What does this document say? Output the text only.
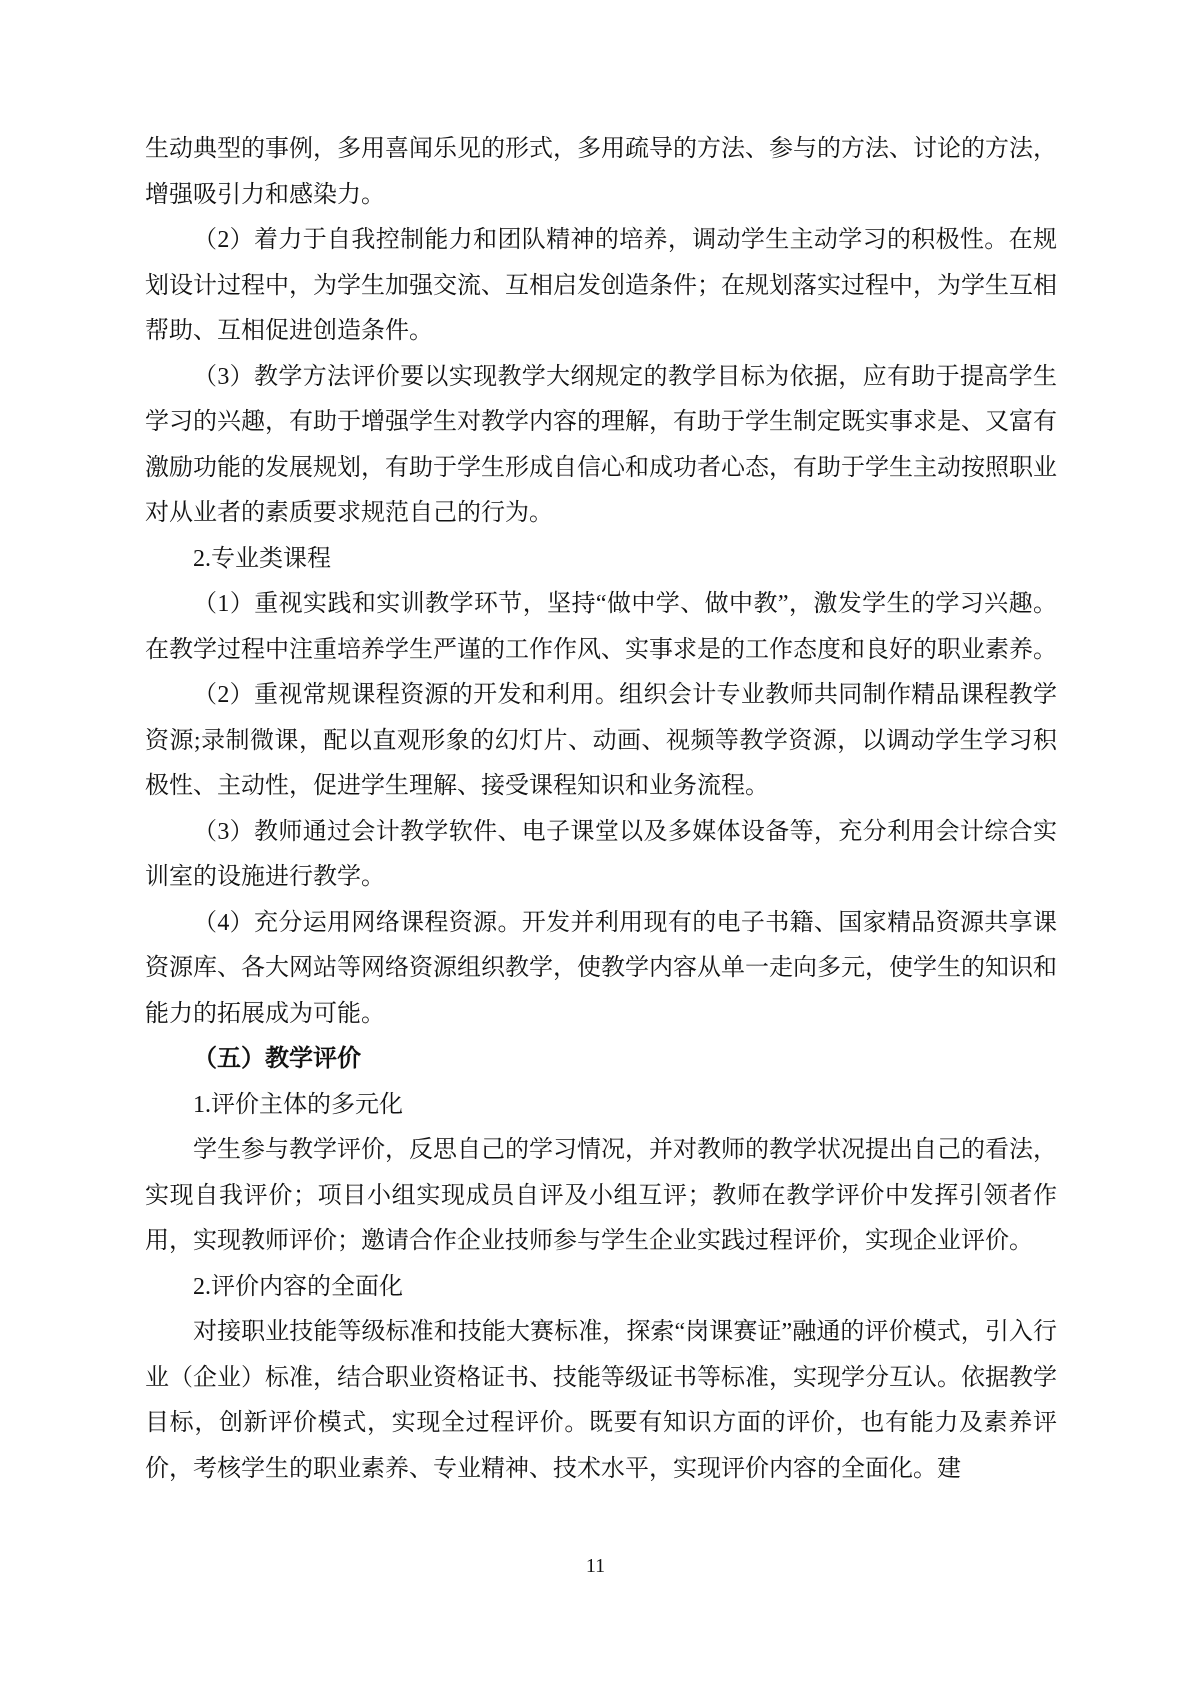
生动典型的事例，多用喜闻乐见的形式，多用疏导的方法、参与的方法、讨论的方法，增强吸引力和感染力。

（2）着力于自我控制能力和团队精神的培养，调动学生主动学习的积极性。在规划设计过程中，为学生加强交流、互相启发创造条件；在规划落实过程中，为学生互相帮助、互相促进创造条件。

（3）教学方法评价要以实现教学大纲规定的教学目标为依据，应有助于提高学生学习的兴趣，有助于增强学生对教学内容的理解，有助于学生制定既实事求是、又富有激励功能的发展规划，有助于学生形成自信心和成功者心态，有助于学生主动按照职业对从业者的素质要求规范自己的行为。

2.专业类课程

（1）重视实践和实训教学环节，坚持“做中学、做中教”，激发学生的学习兴趣。在教学过程中注重培养学生严谨的工作作风、实事求是的工作态度和良好的职业素养。

（2）重视常规课程资源的开发和利用。组织会计专业教师共同制作精品课程教学资源;录制微课，配以直观形象的幻灯片、动画、视频等教学资源，以调动学生学习积极性、主动性，促进学生理解、接受课程知识和业务流程。

（3）教师通过会计教学软件、电子课堂以及多媒体设备等，充分利用会计综合实训室的设施进行教学。

（4）充分运用网络课程资源。开发并利用现有的电子书籍、国家精品资源共享课资源库、各大网站等网络资源组织教学，使教学内容从单一走向多元，使学生的知识和能力的拓展成为可能。

（五）教学评价

1.评价主体的多元化

学生参与教学评价，反思自己的学习情况，并对教师的教学状况提出自己的看法，实现自我评价；项目小组实现成员自评及小组互评；教师在教学评价中发挥引领者作用，实现教师评价；邀请合作企业技师参与学生企业实践过程评价，实现企业评价。

2.评价内容的全面化

对接职业技能等级标准和技能大赛标准，探索“岗课赛证”融通的评价模式，引入行业（企业）标准，结合职业资格证书、技能等级证书等标准，实现学分互认。依据教学目标，创新评价模式，实现全过程评价。既要有知识方面的评价，也有能力及素养评价，考核学生的职业素养、专业精神、技术水平，实现评价内容的全面化。建

11
